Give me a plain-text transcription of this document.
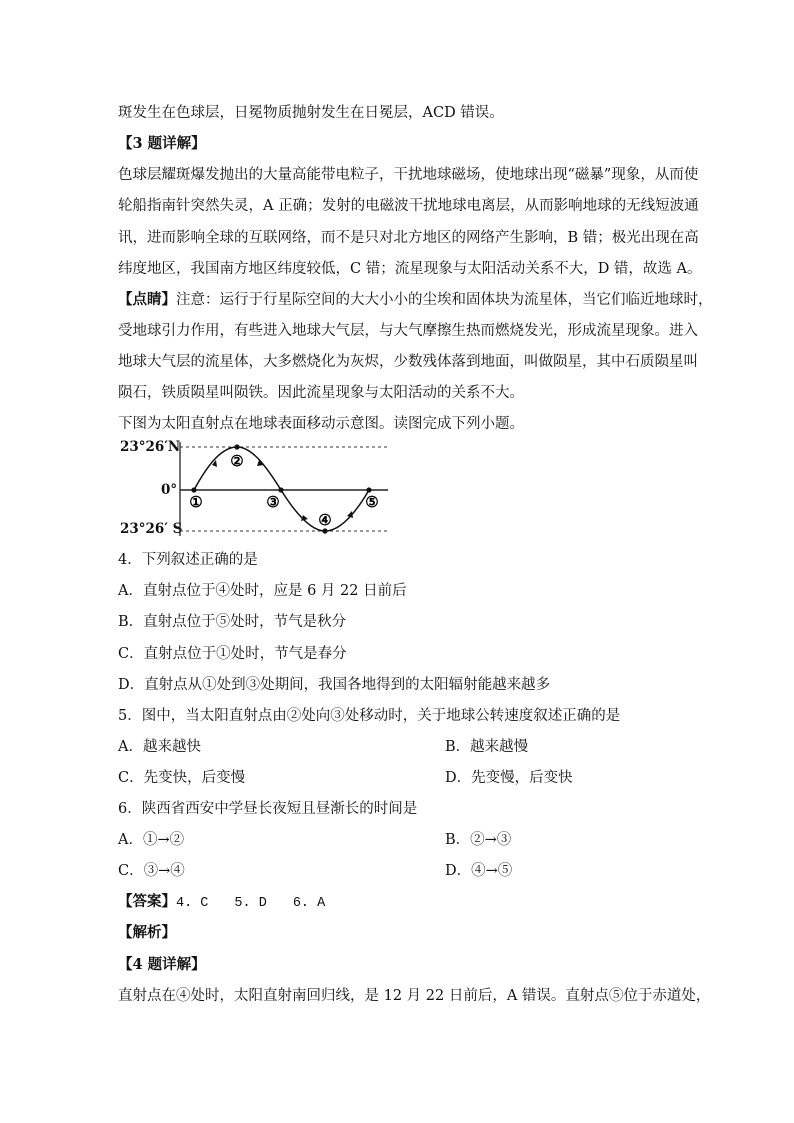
斑发生在色球层，日冕物质抛射发生在日冕层，ACD 错误。
【3 题详解】
色球层耀斑爆发抛出的大量高能带电粒子，干扰地球磁场，使地球出现“磁暴”现象，从而使
轮船指南针突然失灵，A 正确；发射的电磁波干扰地球电离层，从而影响地球的无线短波通
讯，进而影响全球的互联网络，而不是只对北方地区的网络产生影响，B 错；极光出现在高
纬度地区，我国南方地区纬度较低，C 错；流星现象与太阳活动关系不大，D 错，故选 A。
【点睛】注意：运行于行星际空间的大大小小的尘埃和固体块为流星体，当它们临近地球时，
受地球引力作用，有些进入地球大气层，与大气摩擦生热而燃烧发光，形成流星现象。进入
地球大气层的流星体，大多燃烧化为灰烬，少数残体落到地面，叫做陨星，其中石质陨星叫
陨石，铁质陨星叫陨铁。因此流星现象与太阳活动的关系不大。
下图为太阳直射点在地球表面移动示意图。读图完成下列小题。
23°26′N
0°
23°26′ S
①
②
③
④
⑤
4．下列叙述正确的是
A．直射点位于④处时，应是 6 月 22 日前后
B．直射点位于⑤处时，节气是秋分
C．直射点位于①处时，节气是春分
D．直射点从①处到③处期间，我国各地得到的太阳辐射能越来越多
5．图中，当太阳直射点由②处向③处移动时，关于地球公转速度叙述正确的是
A．越来越快	B．越来越慢
C．先变快，后变慢	D．先变慢，后变快
6．陕西省西安中学昼长夜短且昼渐长的时间是
A．①→②	B．②→③
C．③→④	D．④→⑤
【答案】4. C 5. D 6. A
【解析】
【4 题详解】
直射点在④处时，太阳直射南回归线，是 12 月 22 日前后，A 错误。直射点⑤位于赤道处，
